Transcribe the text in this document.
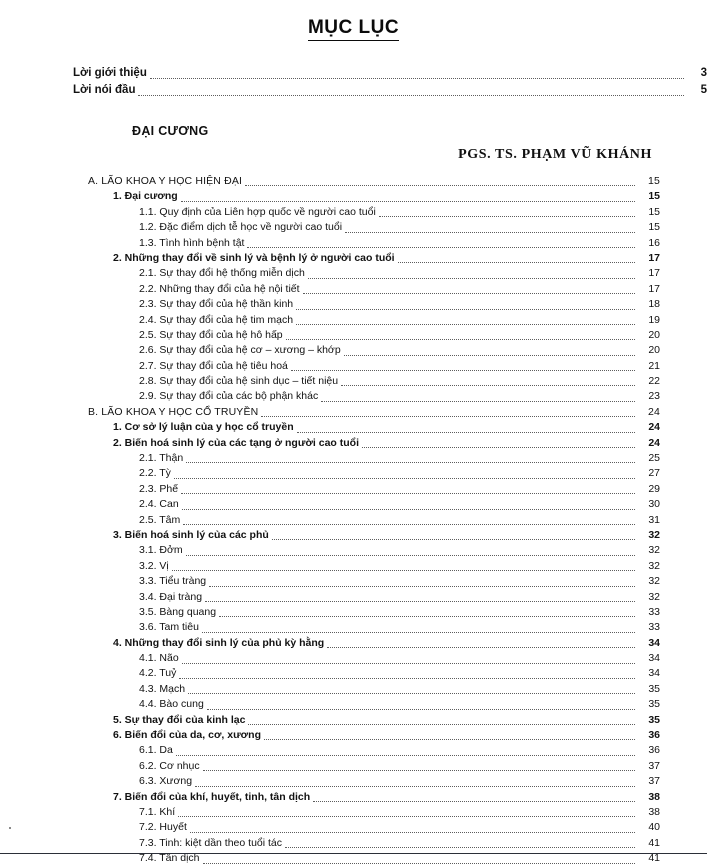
MỤC LỤC
Lời giới thiệu	3
Lời nói đầu	5
ĐẠI CƯƠNG
PGS. TS. PHẠM VŨ KHÁNH
A. LÃO KHOA Y HỌC HIỆN ĐẠI	15
1. Đại cương	15
1.1. Quy định của Liên hợp quốc về người cao tuổi	15
1.2. Đặc điểm dịch tễ học về người cao tuổi	15
1.3. Tình hình bệnh tật	16
2. Những thay đổi về sinh lý và bệnh lý ở người cao tuổi	17
2.1. Sự thay đổi hệ thống miễn dịch	17
2.2. Những thay đổi của hệ nội tiết	17
2.3. Sự thay đổi của hệ thần kinh	18
2.4. Sự thay đổi của hệ tim mạch	19
2.5. Sự thay đổi của hệ hô hấp	20
2.6. Sự thay đổi của hệ cơ – xương – khớp	20
2.7. Sự thay đổi của hệ tiêu hoá	21
2.8. Sự thay đổi của hệ sinh dục – tiết niệu	22
2.9. Sự thay đổi của các bộ phận khác	23
B. LÃO KHOA Y HỌC CỔ TRUYỀN	24
1. Cơ sở lý luận của y học cổ truyền	24
2. Biến hoá sinh lý của các tạng ở người cao tuổi	24
2.1. Thận	25
2.2. Tỳ	27
2.3. Phế	29
2.4. Can	30
2.5. Tâm	31
3. Biến hoá sinh lý của các phủ	32
3.1. Đởm	32
3.2. Vị	32
3.3. Tiểu tràng	32
3.4. Đại tràng	32
3.5. Bàng quang	33
3.6. Tam tiêu	33
4. Những thay đổi sinh lý của phủ kỳ hằng	34
4.1. Não	34
4.2. Tuỷ	34
4.3. Mạch	35
4.4. Bào cung	35
5. Sự thay đổi của kinh lạc	35
6. Biến đổi của da, cơ, xương	36
6.1. Da	36
6.2. Cơ nhục	37
6.3. Xương	37
7. Biến đổi của khí, huyết, tinh, tân dịch	38
7.1. Khí	38
7.2. Huyết	40
7.3. Tinh: kiệt dần theo tuổi tác	41
7.4. Tân dịch	41
